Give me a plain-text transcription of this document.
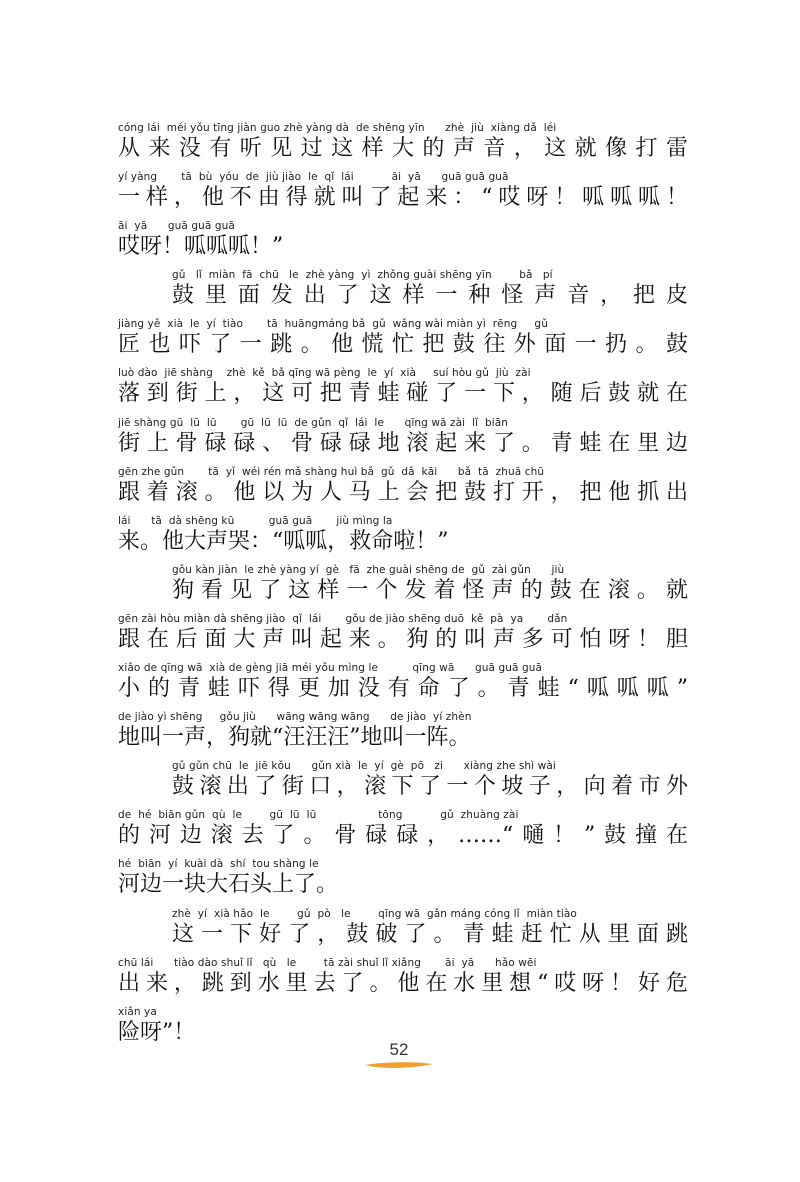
cóng lái  méi yǒu tīng jiàn guo zhè yàng dà  de shēng yīn      zhè  jiù  xiàng dǎ  léi
从来没有听见过这样大的声音，这就像打雷
yí yàng       tā  bù  yóu  de  jiù jiào  le  qǐ  lái           āi  yā      guā guā guā
一样，他不由得就叫了起来：“哎呀！呱呱呱！
āi  yā      guā guā guā
哎呀！呱呱呱！”
gǔ   lǐ  miàn  fā  chū   le  zhè yàng  yì  zhǒng guài shēng yīn        bǎ   pí
鼓里面发出了这样一种怪声音，把皮
jiàng yě  xià  le  yí  tiào       tā  huāngmáng bǎ  gǔ  wǎng wài miàn yì  rēng     gǔ
匠也吓了一跳。他慌忙把鼓往外面一扔。鼓
luò dào  jiē shàng    zhè  kě  bǎ qīng wā pèng  le  yí  xià     suí hòu gǔ  jiù  zài
落到街上，这可把青蛙碰了一下，随后鼓就在
jiē shàng gū  lū  lū       gū  lū  lū  de gǔn  qǐ  lái  le      qīng wā zài  lǐ  biān
街上骨碌碌、骨碌碌地滚起来了。青蛙在里边
gēn zhe gǔn       tā  yǐ  wéi rén mǎ shàng huì bǎ  gǔ  dǎ  kāi      bǎ  tā  zhuā chū
跟着滚。他以为人马上会把鼓打开，把他抓出
lái      tā  dà shēng kū          guā guā       jiù mìng la
来。他大声哭：“呱呱，救命啦！”
gǒu kàn jiàn  le zhè yàng yí  gè   fā  zhe guài shēng de  gǔ  zài gǔn      jiù
狗看见了这样一个发着怪声的鼓在滚。就
gēn zài hòu miàn dà shēng jiào  qǐ  lái       gǒu de jiào shēng duō  kě  pà  ya       dǎn
跟在后面大声叫起来。狗的叫声多可怕呀！胆
xiǎo de qīng wā  xià de gèng jiā méi yǒu mìng le          qīng wā      guā guā guā
小的青蛙吓得更加没有命了。青蛙“呱呱呱”
de jiào yì shēng     gǒu jiù      wāng wāng wāng      de jiào  yí zhèn
地叫一声，狗就“汪汪汪”地叫一阵。
gǔ gǔn chū  le  jiē kǒu      gǔn xià  le  yí  gè  pō   zi      xiàng zhe shì wài
鼓滚出了街口，滚下了一个坡子，向着市外
de  hé  biān gǔn  qù  le        gū  lū  lū                  tōng           gǔ  zhuàng zài
的河边滚去了。骨碌碌，……“嗵！”鼓撞在
hé  biān  yí  kuài dà  shí  tou shàng le
河边一块大石头上了。
zhè  yí  xià hǎo  le        gǔ  pò   le        qīng wā  gǎn máng cóng lǐ  miàn tiào
这一下好了，鼓破了。青蛙赶忙从里面跳
chū lái      tiào dào shuǐ lǐ   qù   le        tā zài shuǐ lǐ xiǎng       āi  yā      hǎo wēi
出来，跳到水里去了。他在水里想“哎呀！好危
xiǎn ya
险呀”！
52
